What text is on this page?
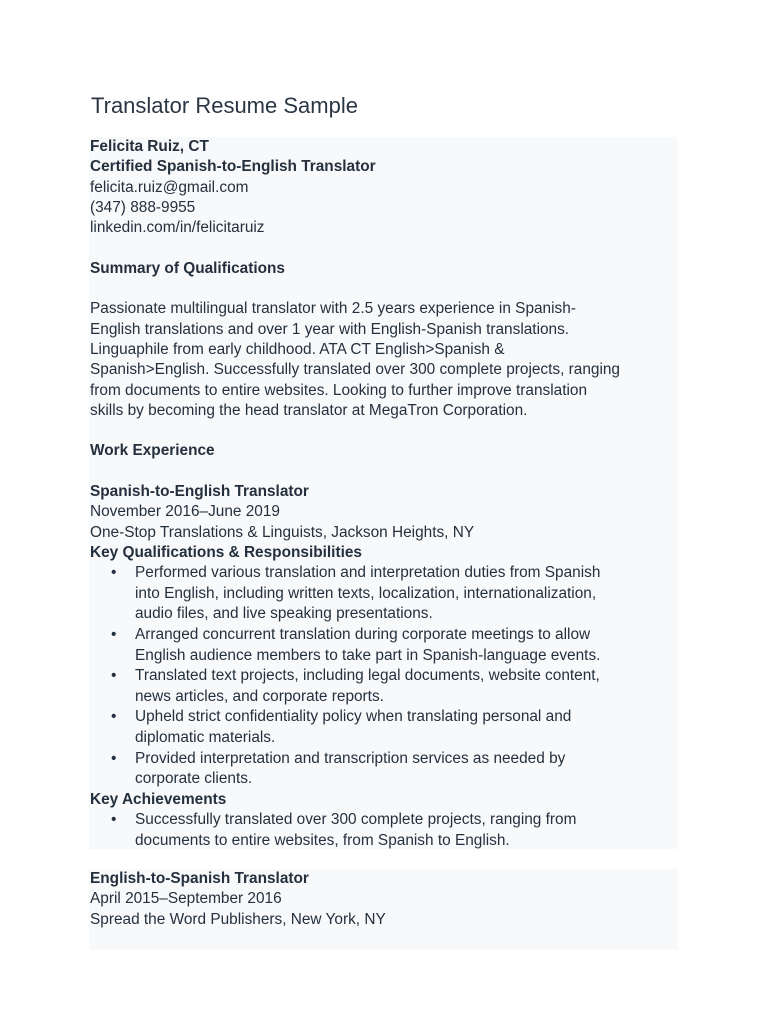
Translator Resume Sample
Felicita Ruiz, CT
Certified Spanish-to-English Translator
felicita.ruiz@gmail.com
(347) 888-9955
linkedin.com/in/felicitaruiz
Summary of Qualifications
Passionate multilingual translator with 2.5 years experience in Spanish-
English translations and over 1 year with English-Spanish translations.
Linguaphile from early childhood. ATA CT English>Spanish &
Spanish>English. Successfully translated over 300 complete projects, ranging
from documents to entire websites. Looking to further improve translation
skills by becoming the head translator at MegaTron Corporation.
Work Experience
Spanish-to-English Translator
November 2016–June 2019
One-Stop Translations & Linguists, Jackson Heights, NY
Key Qualifications & Responsibilities
• Performed various translation and interpretation duties from Spanish
into English, including written texts, localization, internationalization,
audio files, and live speaking presentations.
• Arranged concurrent translation during corporate meetings to allow
English audience members to take part in Spanish-language events.
• Translated text projects, including legal documents, website content,
news articles, and corporate reports.
• Upheld strict confidentiality policy when translating personal and
diplomatic materials.
• Provided interpretation and transcription services as needed by
corporate clients.
Key Achievements
• Successfully translated over 300 complete projects, ranging from
documents to entire websites, from Spanish to English.
English-to-Spanish Translator
April 2015–September 2016
Spread the Word Publishers, New York, NY
